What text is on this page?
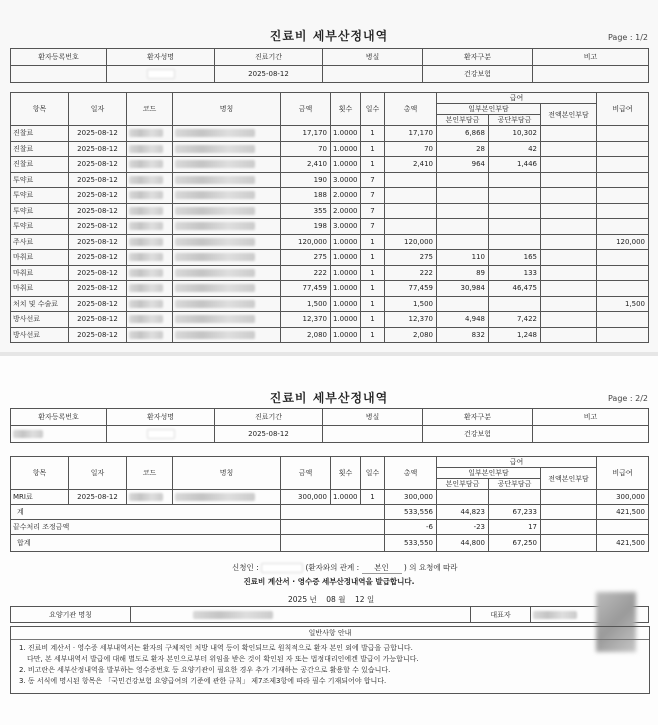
진료비 세부산정내역	Page : 1/2
환자등록번호	환자성명	진료기간	병실	환자구분	비고
		2025-08-12		건강보험	
항목	일자	코드	명칭	금액	횟수	일수	총액	급여			비급여
								일부본인부담		전액본인부담	
								본인부담금	공단부담금		
진찰료	2025-08-12			17,170	1.0000	1	17,170	6,868	10,302		
진찰료	2025-08-12			70	1.0000	1	70	28	42		
진찰료	2025-08-12			2,410	1.0000	1	2,410	964	1,446		
투약료	2025-08-12			190	3.0000	7					
투약료	2025-08-12			188	2.0000	7					
투약료	2025-08-12			355	2.0000	7					
투약료	2025-08-12			198	3.0000	7					
주사료	2025-08-12			120,000	1.0000	1	120,000				120,000
마취료	2025-08-12			275	1.0000	1	275	110	165		
마취료	2025-08-12			222	1.0000	1	222	89	133		
마취료	2025-08-12			77,459	1.0000	1	77,459	30,984	46,475		
처치 및 수술료	2025-08-12			1,500	1.0000	1	1,500				1,500
방사선료	2025-08-12			12,370	1.0000	1	12,370	4,948	7,422		
방사선료	2025-08-12			2,080	1.0000	1	2,080	832	1,248		
진료비 세부산정내역	Page : 2/2
환자등록번호	환자성명	진료기간	병실	환자구분	비고
		2025-08-12		건강보험	
항목	일자	코드	명칭	금액	횟수	일수	총액	급여			비급여
								일부본인부담		전액본인부담	
								본인부담금	공단부담금		
MRI료	2025-08-12			300,000	1.0000	1	300,000				300,000
계							533,556	44,823	67,233		421,500
끝수처리 조정금액							-6	-23	17		
합계							533,550	44,800	67,250		421,500
신청인 :	(환자와의 관계 : 본인 ) 의 요청에 따라
진료비 계산서 · 영수증 세부산정내역을 발급합니다.
2025 년 08 월 12 일
요양기관 명칭		대표자	
일반사항 안내
1. 진료비 계산서 · 영수증 세부내역서는 환자의 구체적인 처방 내역 등이 확인되므로 원칙적으로 환자 본인 외에 발급을 금합니다.
다만, 본 세부내역서 발급에 대해 별도로 환자 본인으로부터 위임을 받은 것이 확인된 자 또는 법정대리인에겐 발급이 가능합니다.
2. 비고란은 세부산정내역을 발부하는 영수증번호 등 요양기관이 필요한 경우 추가 기재하는 공간으로 활용할 수 있습니다.
3. 동 서식에 명시된 항목은 「국민건강보험 요양급여의 기준에 관한 규칙」 제7조제3항에 따라 필수 기재되어야 합니다.
